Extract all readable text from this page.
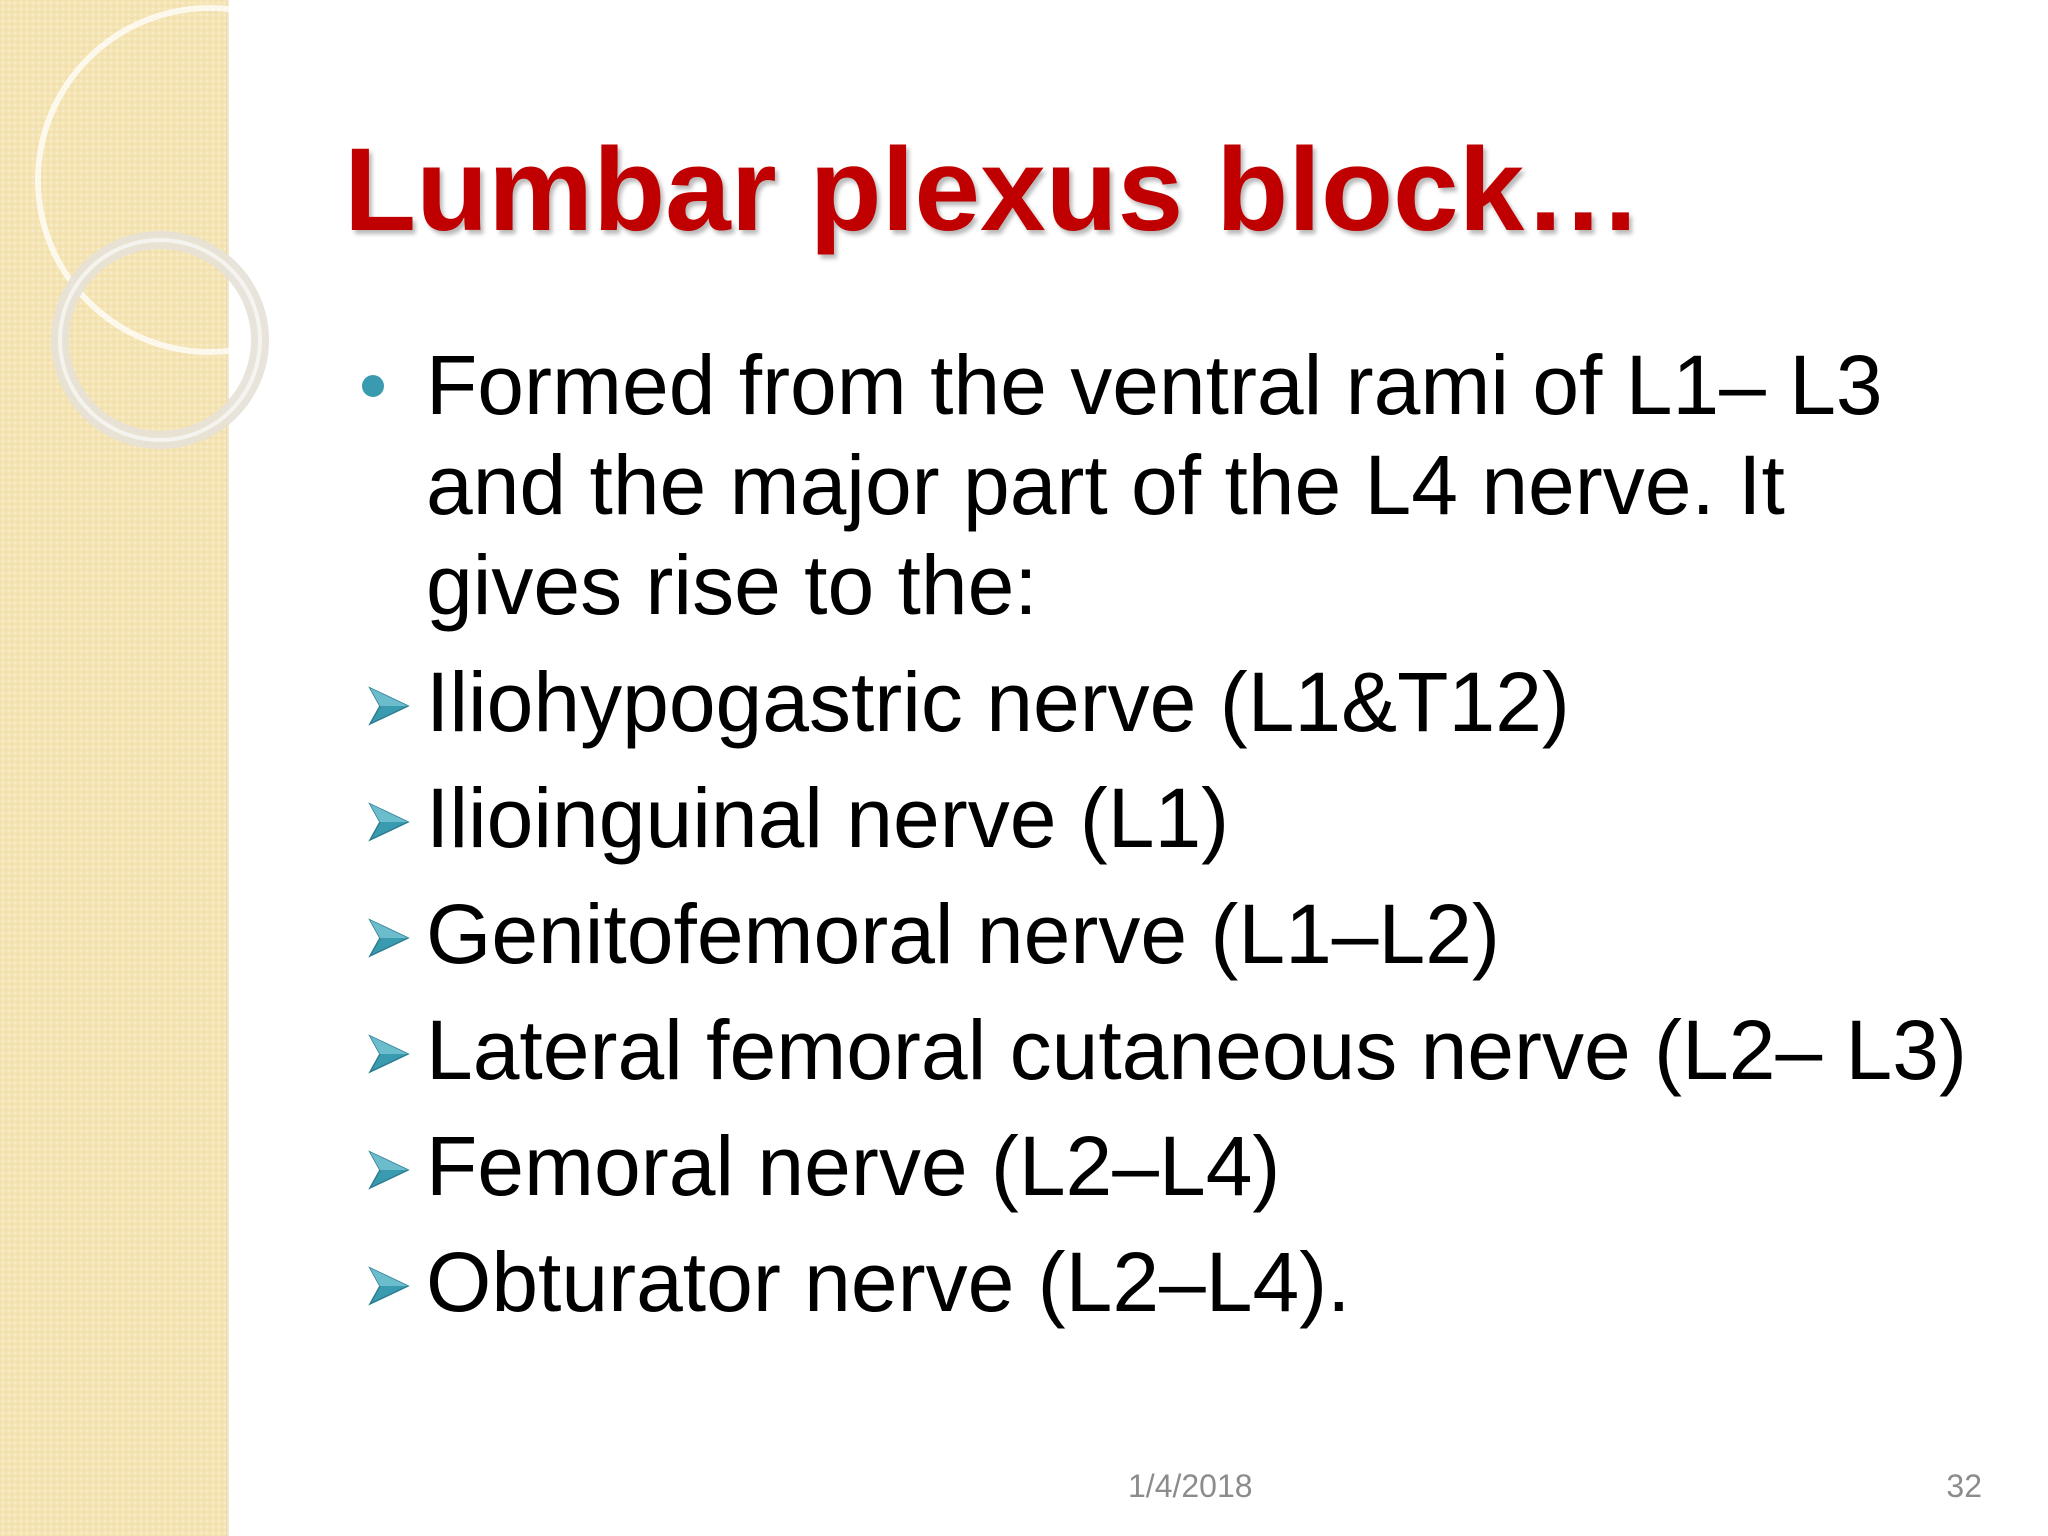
Lumbar plexus block…
Formed from the ventral rami of L1– L3 and the major part of the L4 nerve. It gives rise to the:
Iliohypogastric nerve (L1&T12)
Ilioinguinal nerve (L1)
Genitofemoral nerve (L1–L2)
Lateral femoral cutaneous nerve (L2– L3)
Femoral nerve (L2–L4)
Obturator nerve (L2–L4).
1/4/2018	32
